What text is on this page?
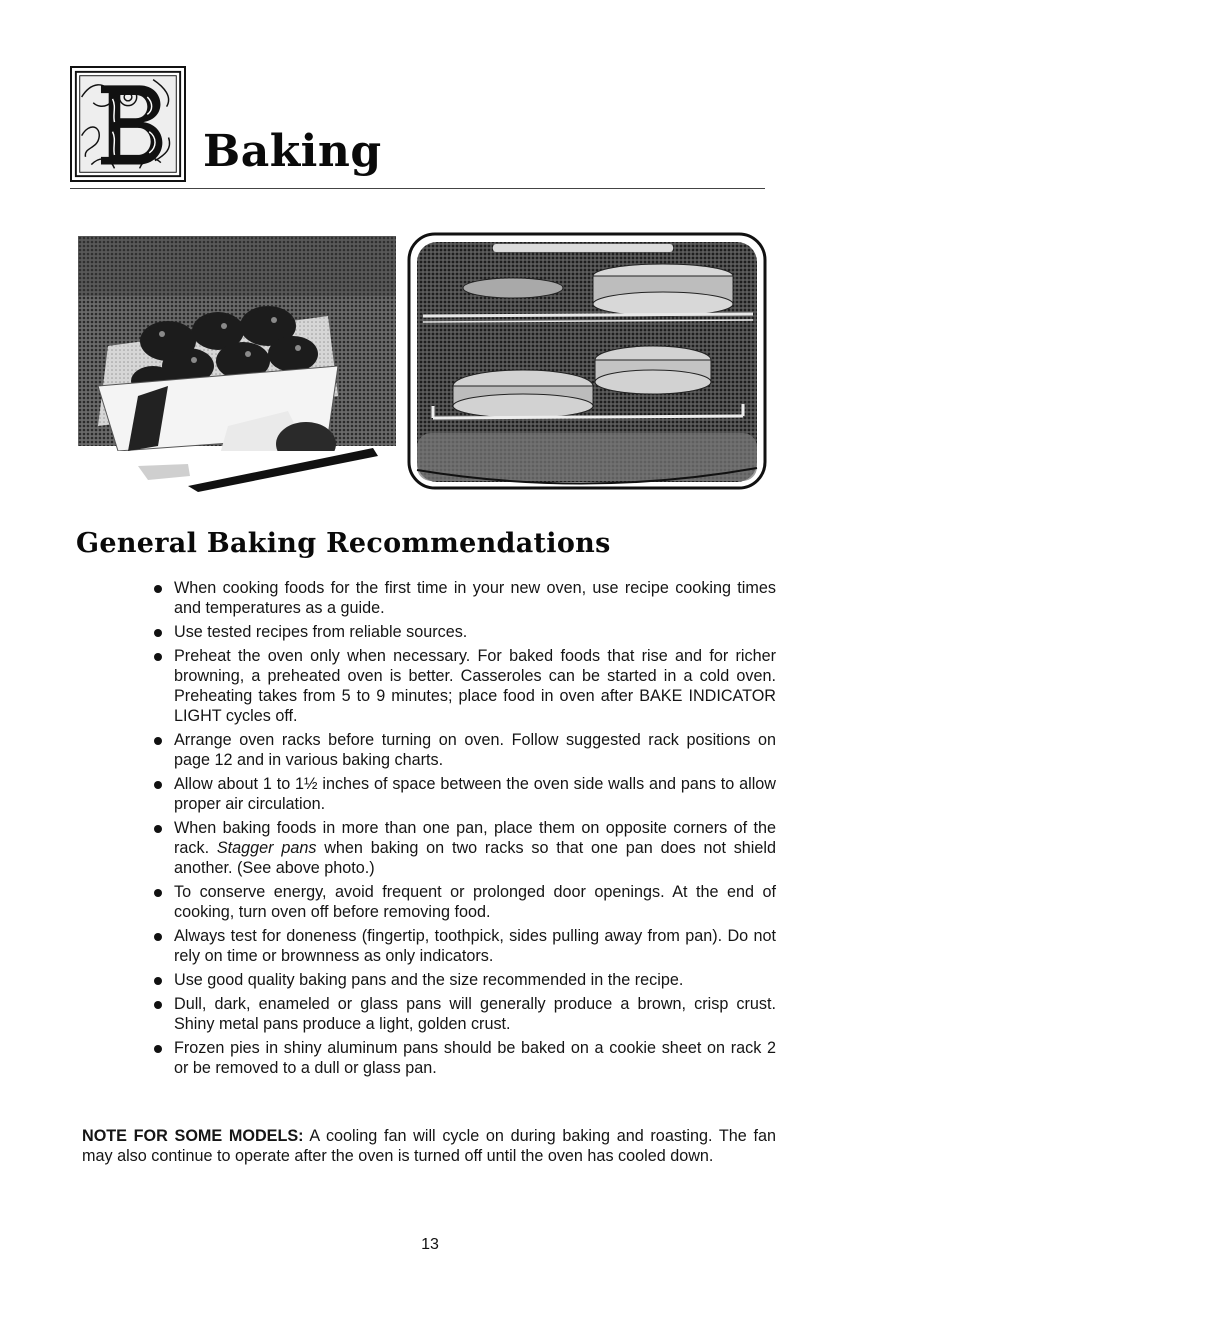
Baking
General Baking Recommendations
When cooking foods for the first time in your new oven, use recipe cooking times and temperatures as a guide.
Use tested recipes from reliable sources.
Preheat the oven only when necessary. For baked foods that rise and for richer browning, a preheated oven is better. Casseroles can be started in a cold oven. Preheating takes from 5 to 9 minutes; place food in oven after BAKE INDICATOR LIGHT cycles off.
Arrange oven racks before turning on oven. Follow suggested rack positions on page 12 and in various baking charts.
Allow about 1 to 1½ inches of space between the oven side walls and pans to allow proper air circulation.
When baking foods in more than one pan, place them on opposite corners of the rack. Stagger pans when baking on two racks so that one pan does not shield another. (See above photo.)
To conserve energy, avoid frequent or prolonged door openings. At the end of cooking, turn oven off before removing food.
Always test for doneness (fingertip, toothpick, sides pulling away from pan). Do not rely on time or brownness as only indicators.
Use good quality baking pans and the size recommended in the recipe.
Dull, dark, enameled or glass pans will generally produce a brown, crisp crust. Shiny metal pans produce a light, golden crust.
Frozen pies in shiny aluminum pans should be baked on a cookie sheet on rack 2 or be removed to a dull or glass pan.

NOTE FOR SOME MODELS: A cooling fan will cycle on during baking and roasting. The fan may also continue to operate after the oven is turned off until the oven has cooled down.

13
